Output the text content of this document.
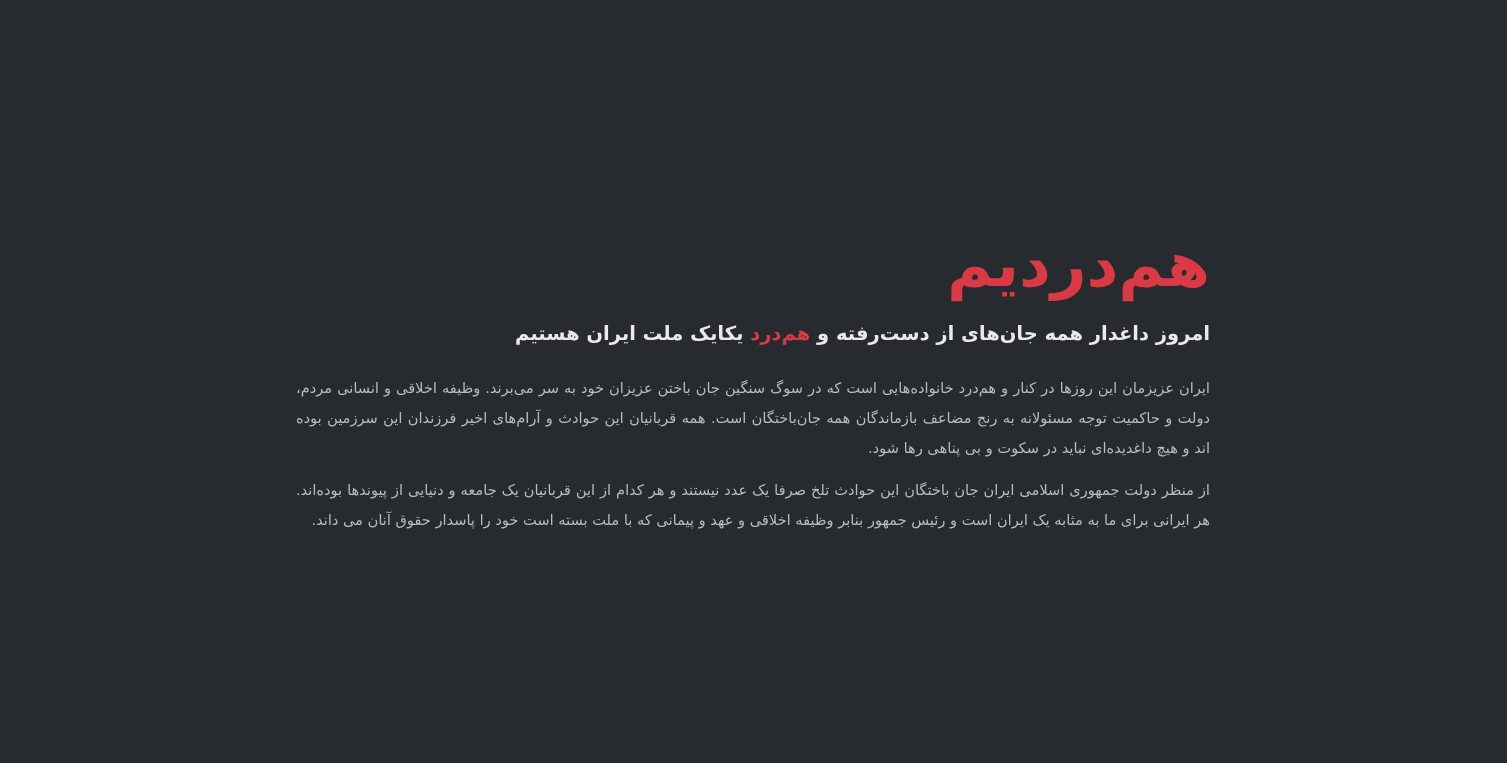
هم‌دردیم

امروز داغدار همه جان‌های از دست‌رفته و هم‌درد یکایک ملت ایران هستیم

ایران عزیزمان این روزها در کنار و هم‌درد خانواده‌هایی است که در سوگ سنگین جان باختن عزیزان خود به سر می‌برند. وظیفه اخلاقی و انسانی مردم، دولت و حاکمیت توجه مسئولانه به رنج مضاعف بازماندگان همه جان‌باختگان است. همه قربانیان این حوادث و آرام‌های اخیر فرزندان این سرزمین بوده اند و هیچ داغدیده‌ای نباید در سکوت و بی پناهی رها شود.

از منظر دولت جمهوری اسلامی ایران جان باختگان این حوادث تلخ صرفا یک عدد نیستند و هر کدام از این قربانیان یک جامعه و دنیایی از پیوندها بوده‌اند. هر ایرانی برای ما به مثابه یک ایران است و رئیس جمهور بنابر وظیفه اخلاقی و عهد و پیمانی که با ملت بسته است خود را پاسدار حقوق آنان می داند.
